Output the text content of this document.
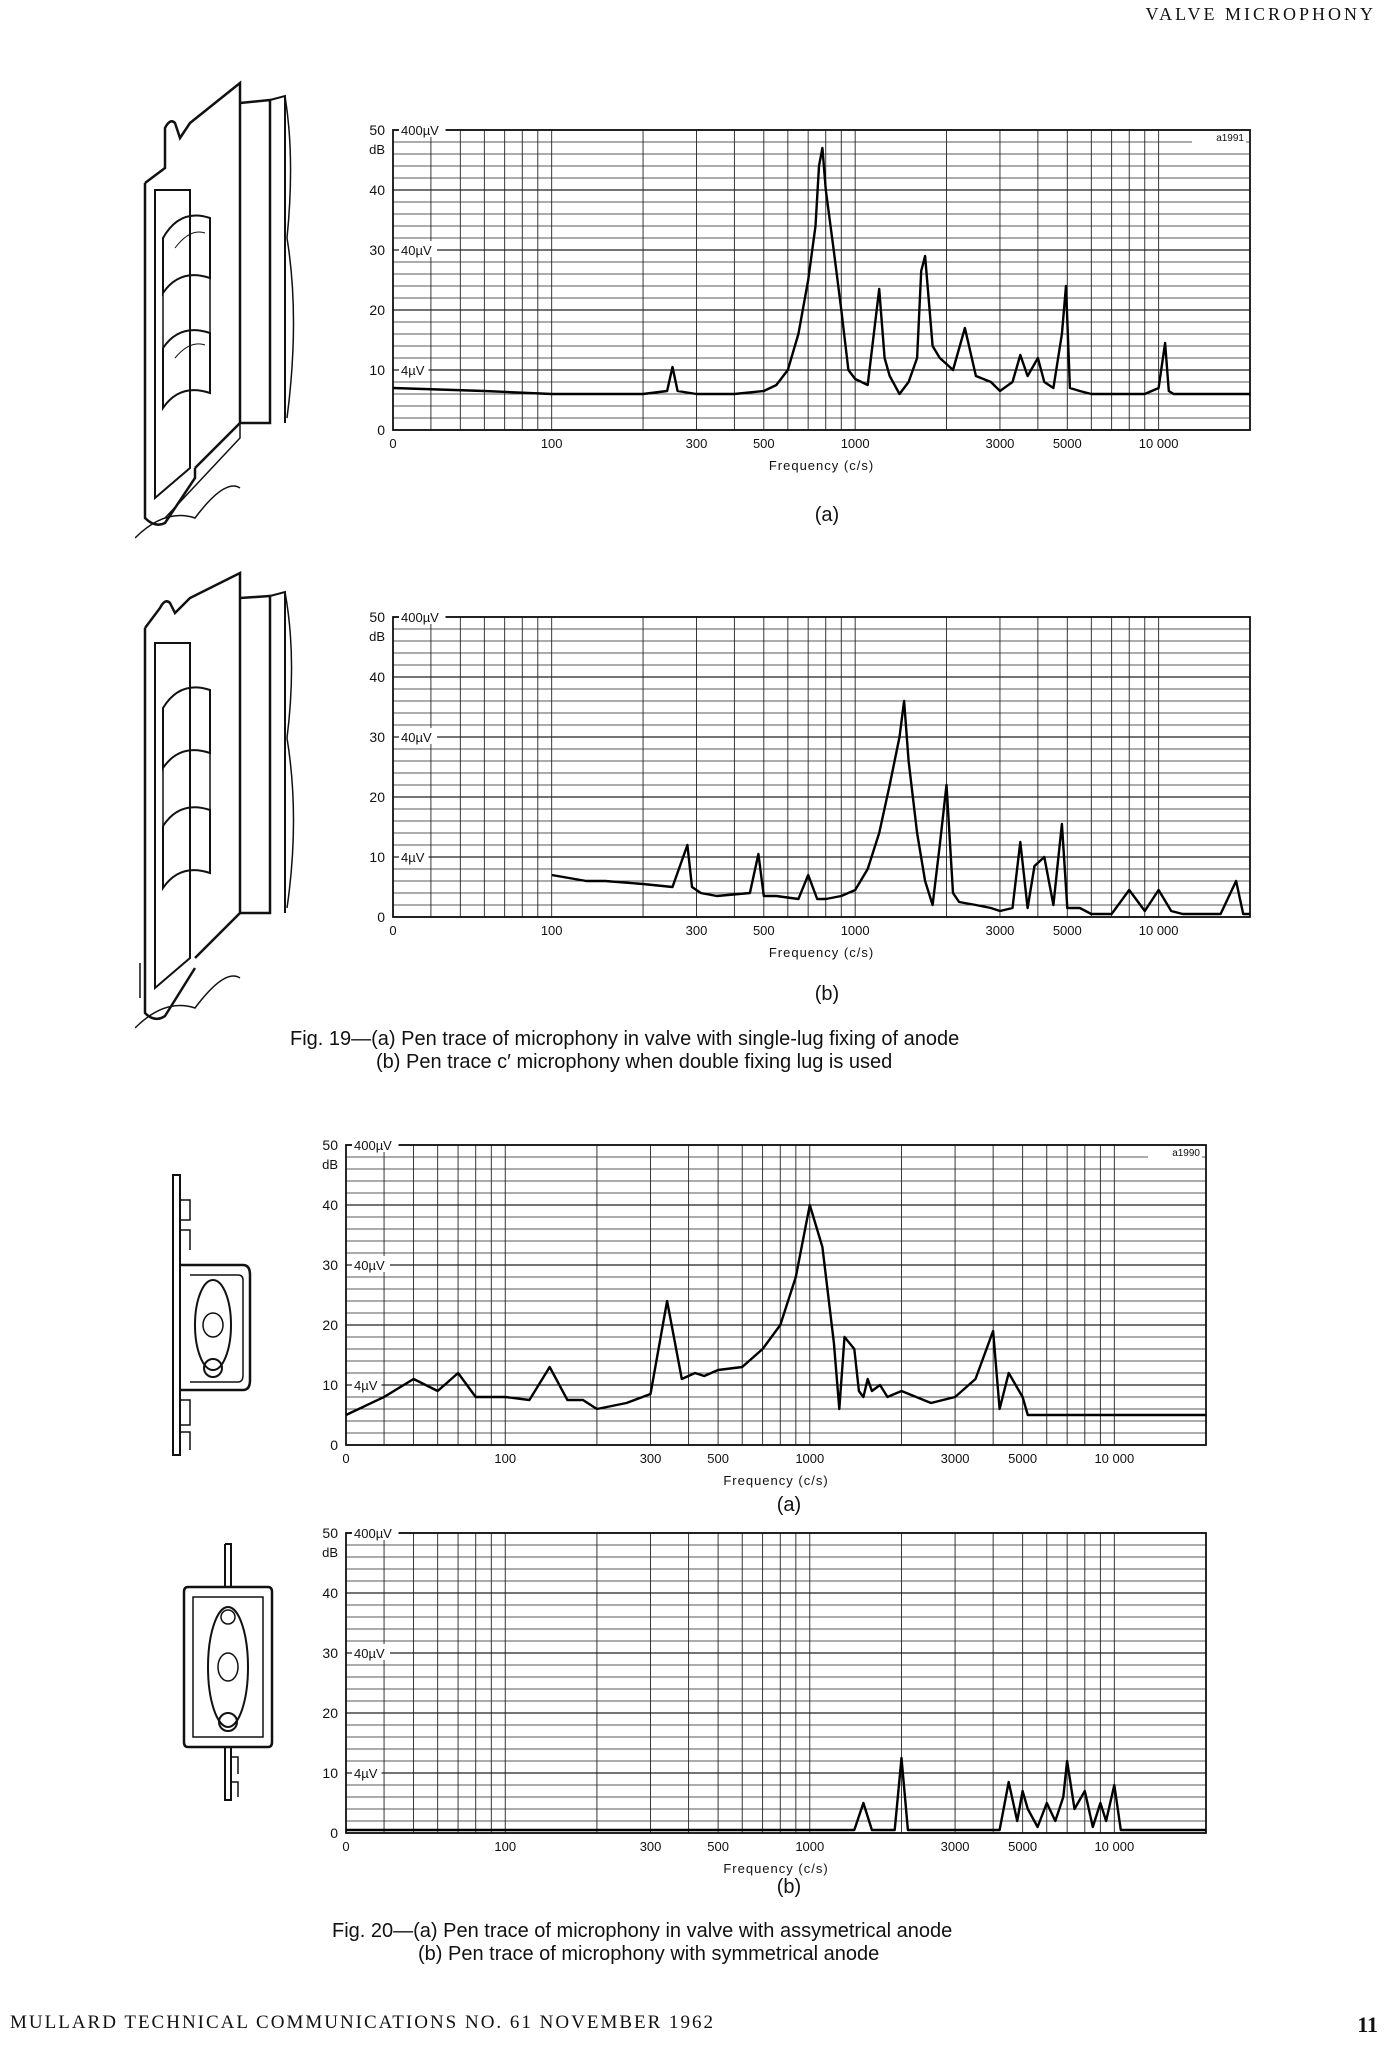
VALVE MICROPHONY
0
10
20
30
40
50
dB
4µV
40µV
400µV
0	100	300	500	1000	3000	5000	10 000
Frequency (c/s)
a1991
(a)
0
10
20
30
40
50
dB
4µV
40µV
400µV
0	100	300	500	1000	3000	5000	10 000
Frequency (c/s)
(b)
Fig. 19—(a) Pen trace of microphony in valve with single-lug fixing of anode
(b) Pen trace с′ microphony when double fixing lug is used
0
10
20
30
40
50
dB
4µV
40µV
400µV
0	100	300	500	1000	3000	5000	10 000
Frequency (c/s)
a1990
(a)
0
10
20
30
40
50
dB
4µV
40µV
400µV
0	100	300	500	1000	3000	5000	10 000
Frequency (c/s)
(b)
Fig. 20—(a) Pen trace of microphony in valve with assymetrical anode
(b) Pen trace of microphony with symmetrical anode
MULLARD TECHNICAL COMMUNICATIONS NO. 61 NOVEMBER 1962	11
